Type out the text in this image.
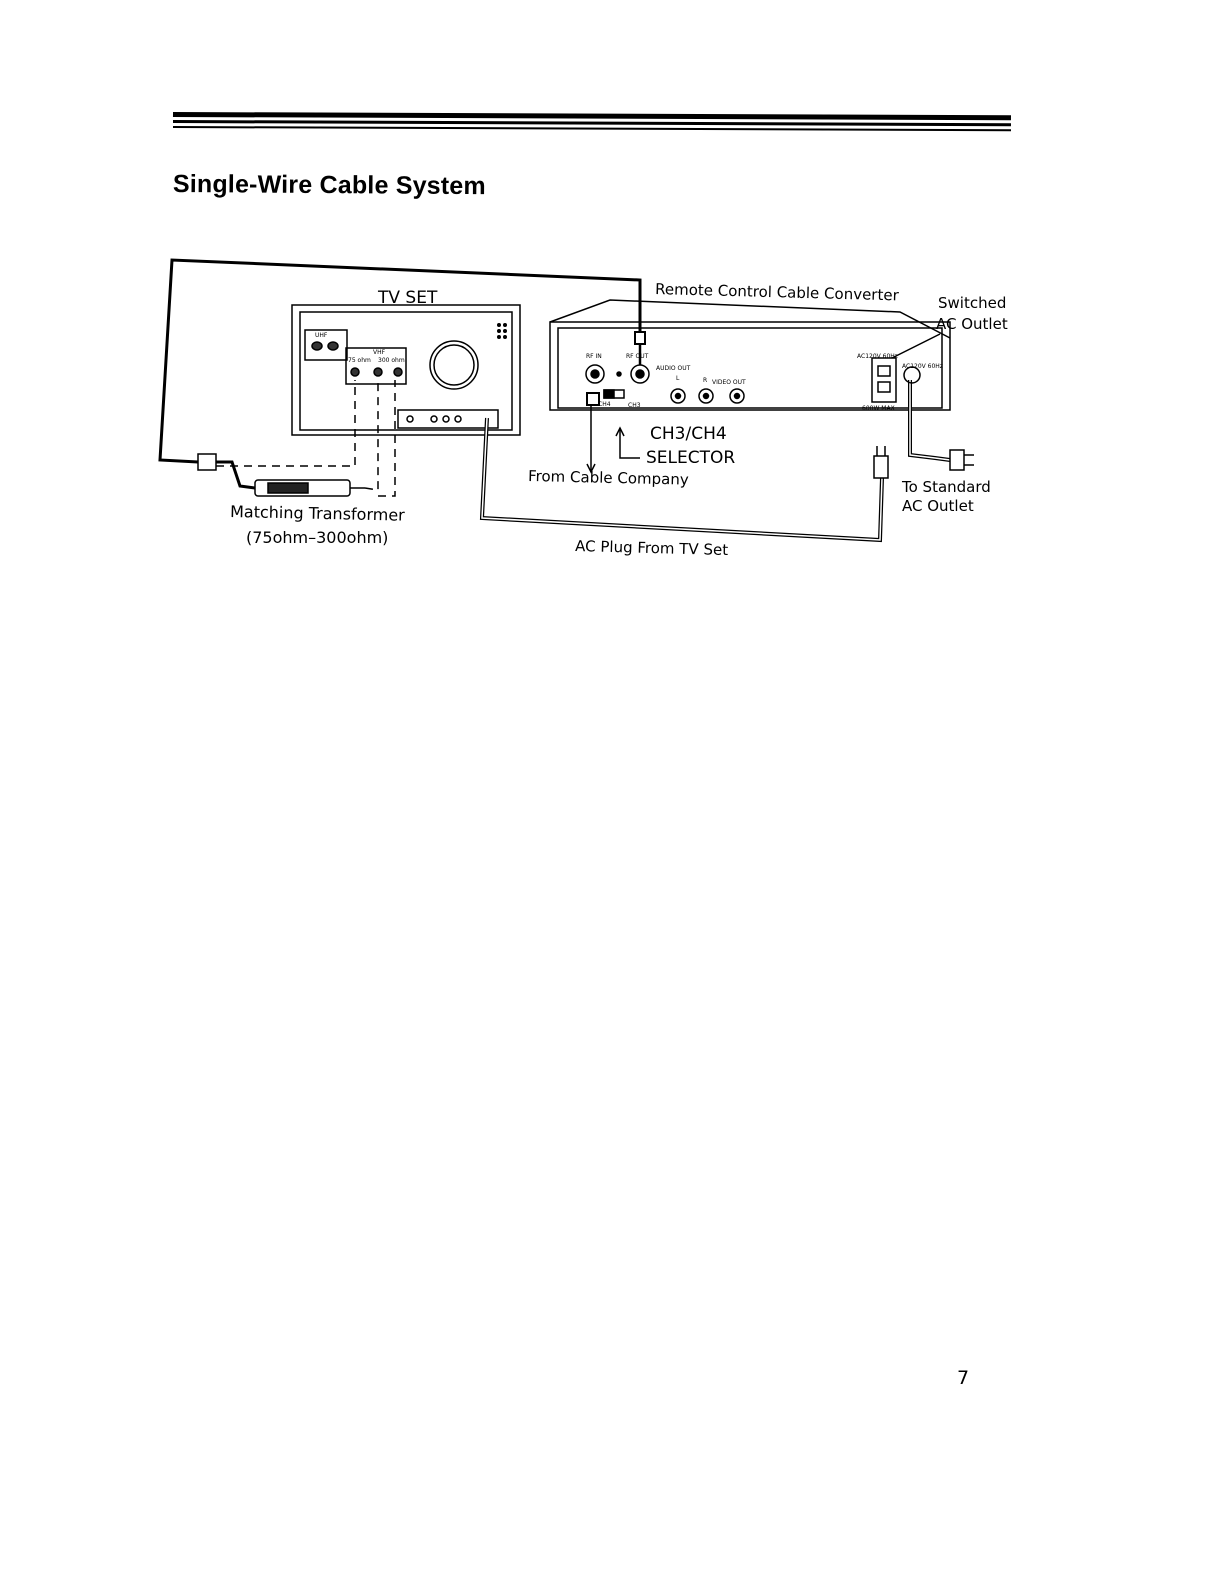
Single-Wire Cable System
TV SET
UHF
VHF
75 ohm 300 ohm
Remote Control Cable Converter	Switched
AC Outlet
RF IN	RF OUT
AUDIO OUT
L	R VIDEO OUT
CH4	CH3
AC120V 60Hz
AC120V 60Hz
600W MAX
CH3/CH4
SELECTOR
From Cable Company	To Standard
AC Outlet
Matching Transformer
(75ohm–300ohm)	AC Plug From TV Set
7
